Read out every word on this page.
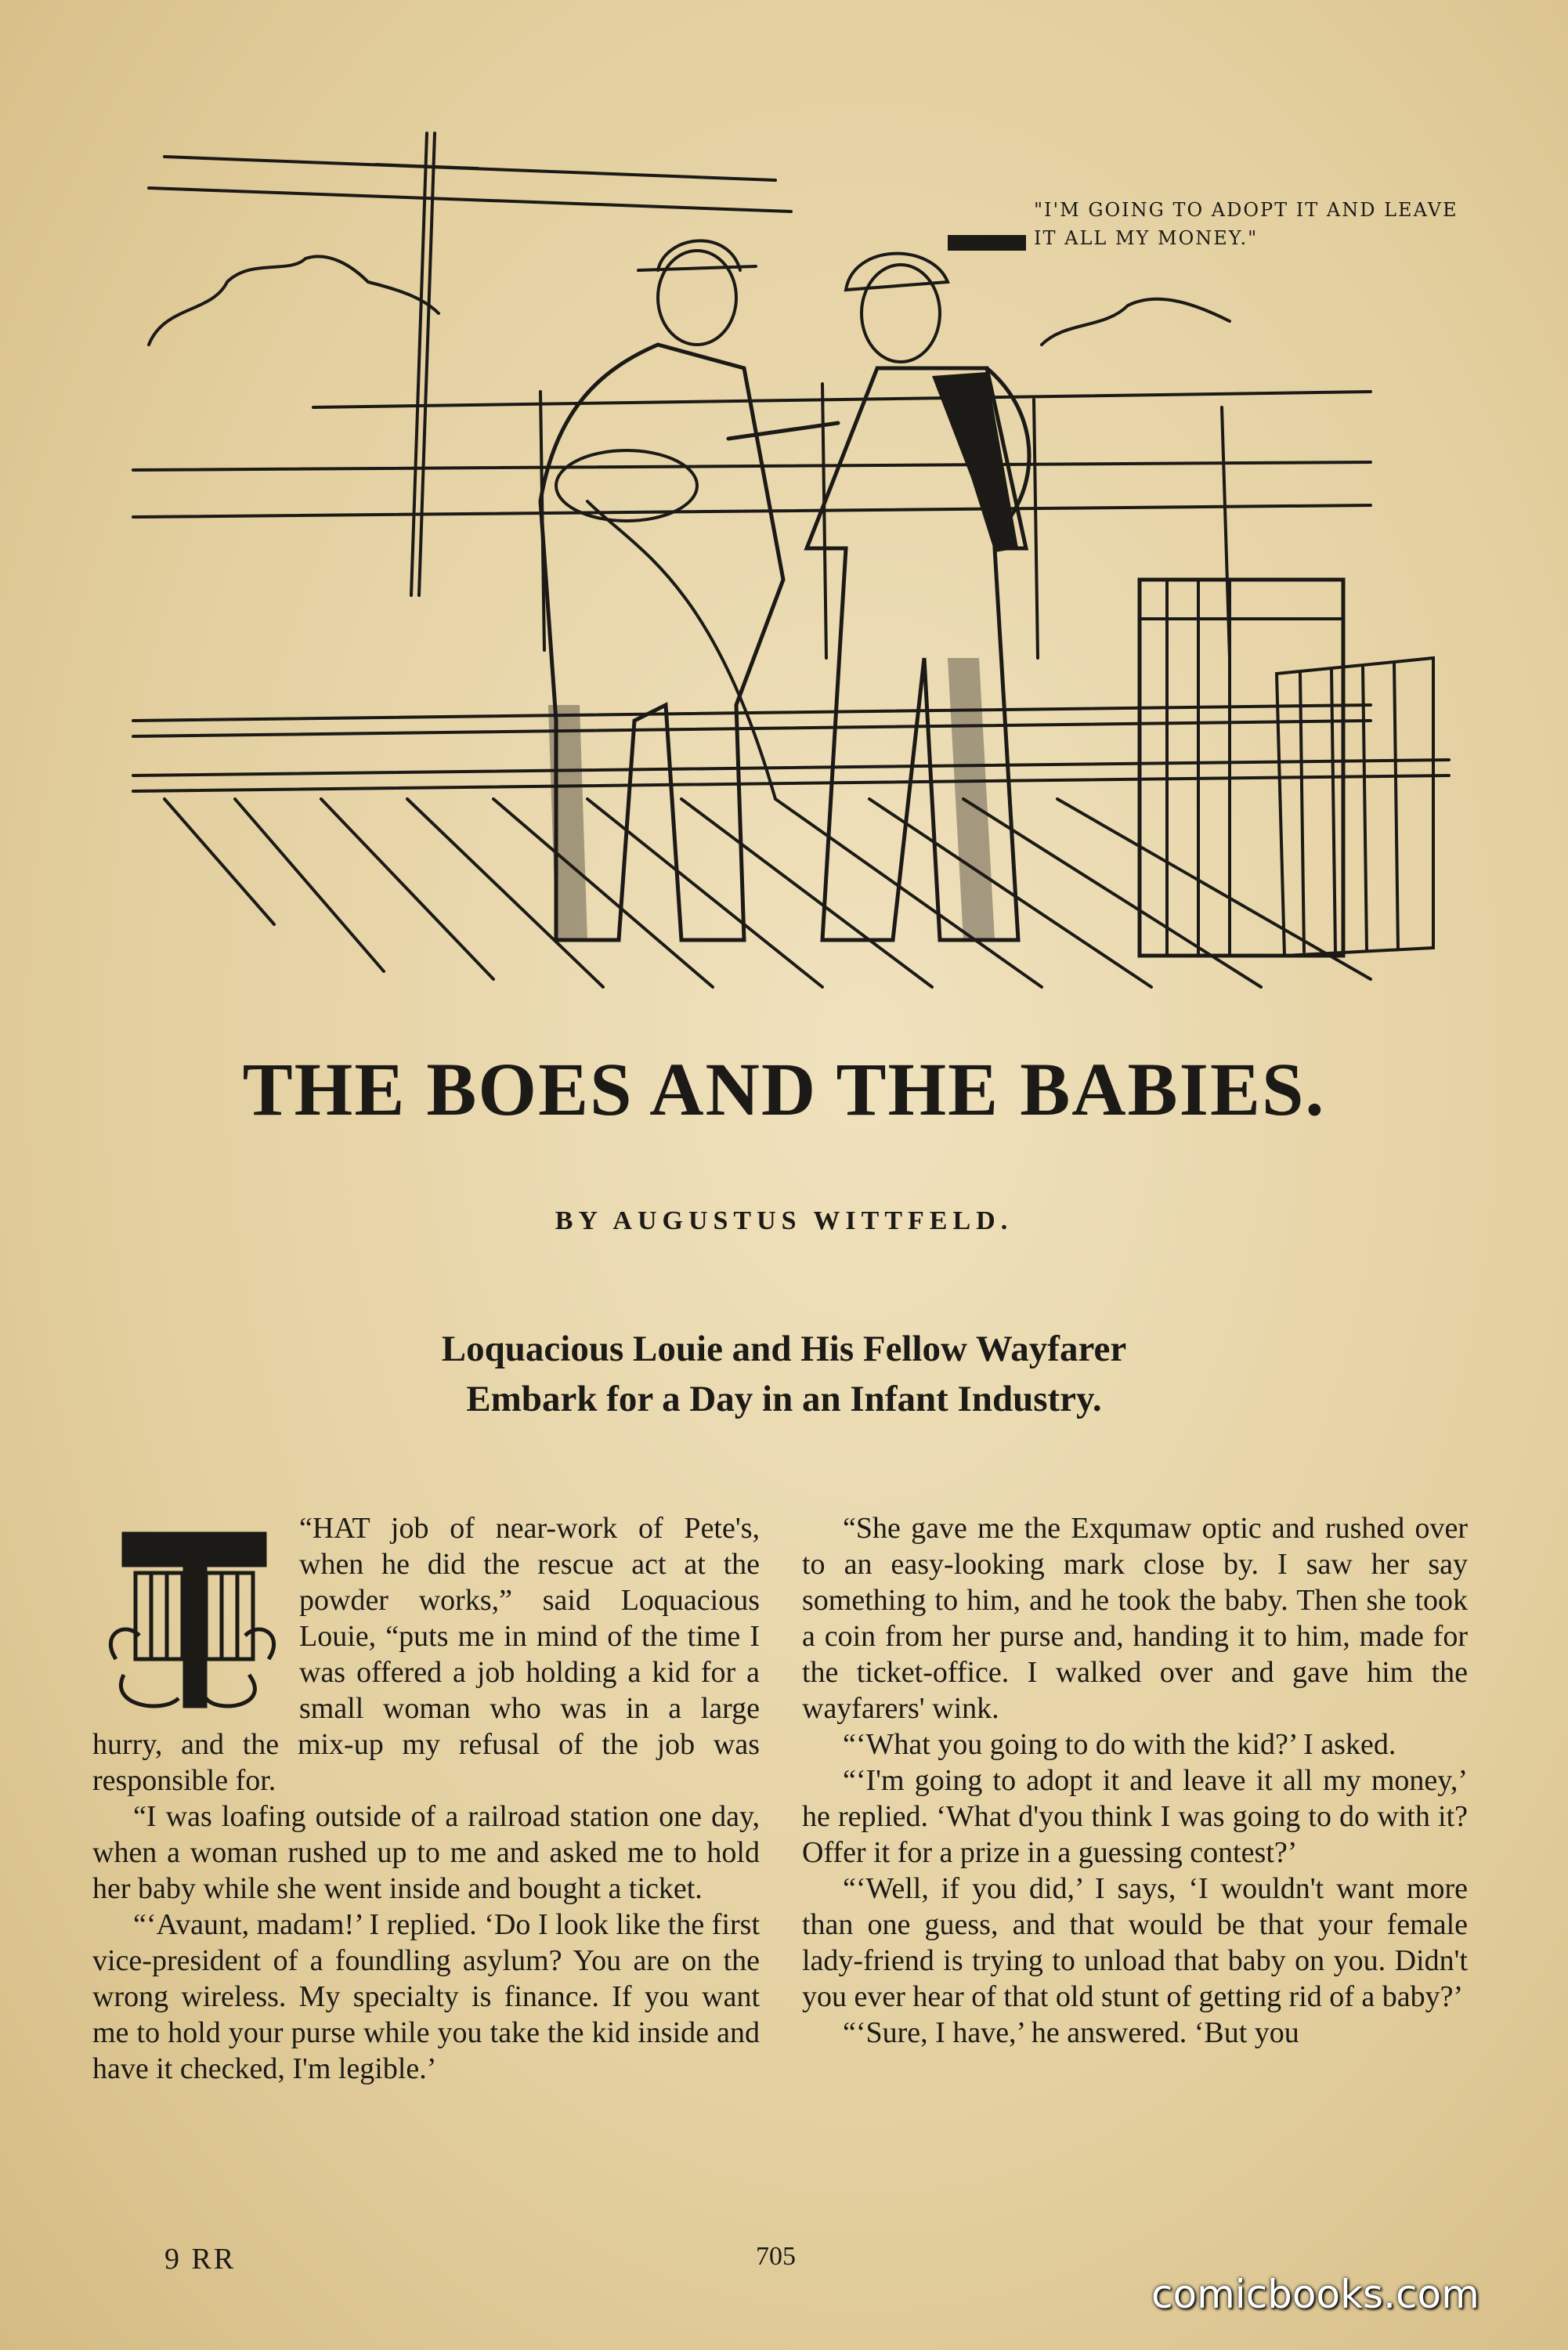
"I'M GOING TO ADOPT IT AND LEAVE IT ALL MY MONEY."
THE BOES AND THE BABIES.
BY AUGUSTUS WITTFELD.
Loquacious Louie and His Fellow Wayfarer
Embark for a Day in an Infant Industry.

“HAT job of near-work of Pete's, when he did the rescue act at the powder works,” said Loquacious Louie, “puts me in mind of the time I was offered a job holding a kid for a small woman who was in a large hurry, and the mix-up my refusal of the job was responsible for.

“I was loafing outside of a railroad station one day, when a woman rushed up to me and asked me to hold her baby while she went inside and bought a ticket.

“‘Avaunt, madam!’ I replied. ‘Do I look like the first vice-president of a foundling asylum? You are on the wrong wireless. My specialty is finance. If you want me to hold your purse while you take the kid inside and have it checked, I'm legible.’

“She gave me the Exqumaw optic and rushed over to an easy-looking mark close by. I saw her say something to him, and he took the baby. Then she took a coin from her purse and, handing it to him, made for the ticket-office. I walked over and gave him the wayfarers' wink.

“‘What you going to do with the kid?’ I asked.

“‘I'm going to adopt it and leave it all my money,’ he replied. ‘What d'you think I was going to do with it? Offer it for a prize in a guessing contest?’

“‘Well, if you did,’ I says, ‘I wouldn't want more than one guess, and that would be that your female lady-friend is trying to unload that baby on you. Didn't you ever hear of that old stunt of getting rid of a baby?’

“‘Sure, I have,’ he answered. ‘But you

9 RR	705
comicbooks.com
